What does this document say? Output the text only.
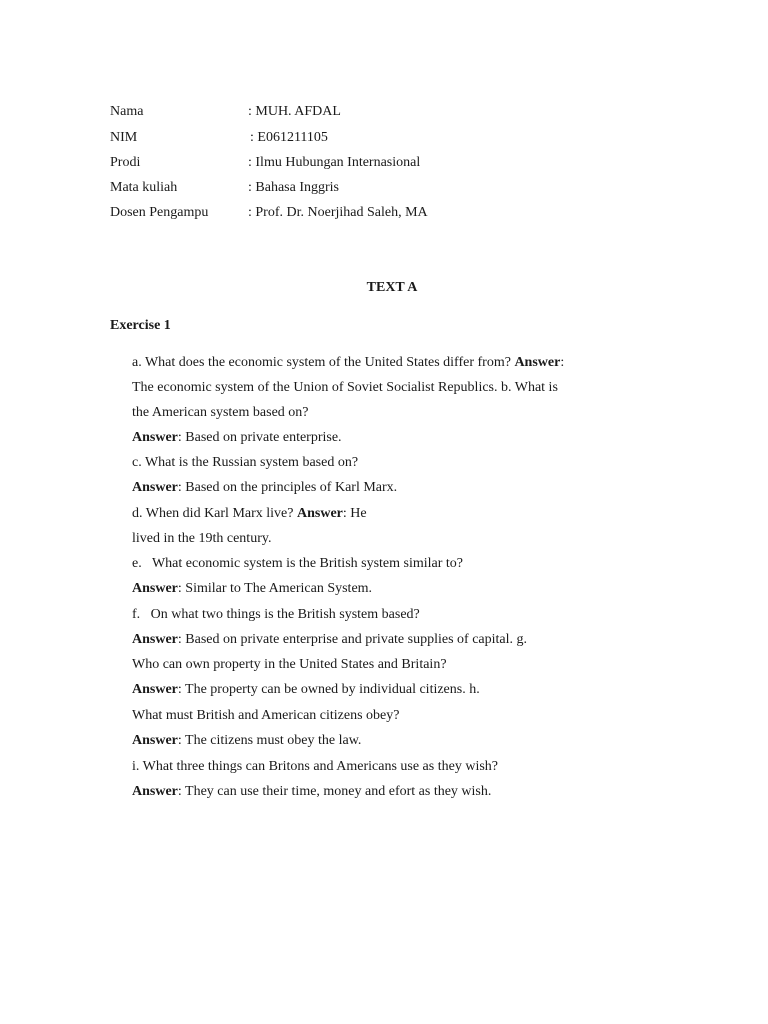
Nama	: MUH. AFDAL
NIM	: E061211105
Prodi	: Ilmu Hubungan Internasional
Mata kuliah	: Bahasa Inggris
Dosen Pengampu	: Prof. Dr. Noerjihad Saleh, MA
TEXT A
Exercise 1
a. What does the economic system of the United States differ from? Answer:
The economic system of the Union of Soviet Socialist Republics. b. What is
the American system based on?
Answer: Based on private enterprise.
c. What is the Russian system based on?
Answer: Based on the principles of Karl Marx.
d. When did Karl Marx live? Answer: He
lived in the 19th century.
e.   What economic system is the British system similar to?
Answer: Similar to The American System.
f.   On what two things is the British system based?
Answer: Based on private enterprise and private supplies of capital. g.
Who can own property in the United States and Britain?
Answer: The property can be owned by individual citizens. h.
What must British and American citizens obey?
Answer: The citizens must obey the law.
i. What three things can Britons and Americans use as they wish?
Answer: They can use their time, money and efort as they wish.
